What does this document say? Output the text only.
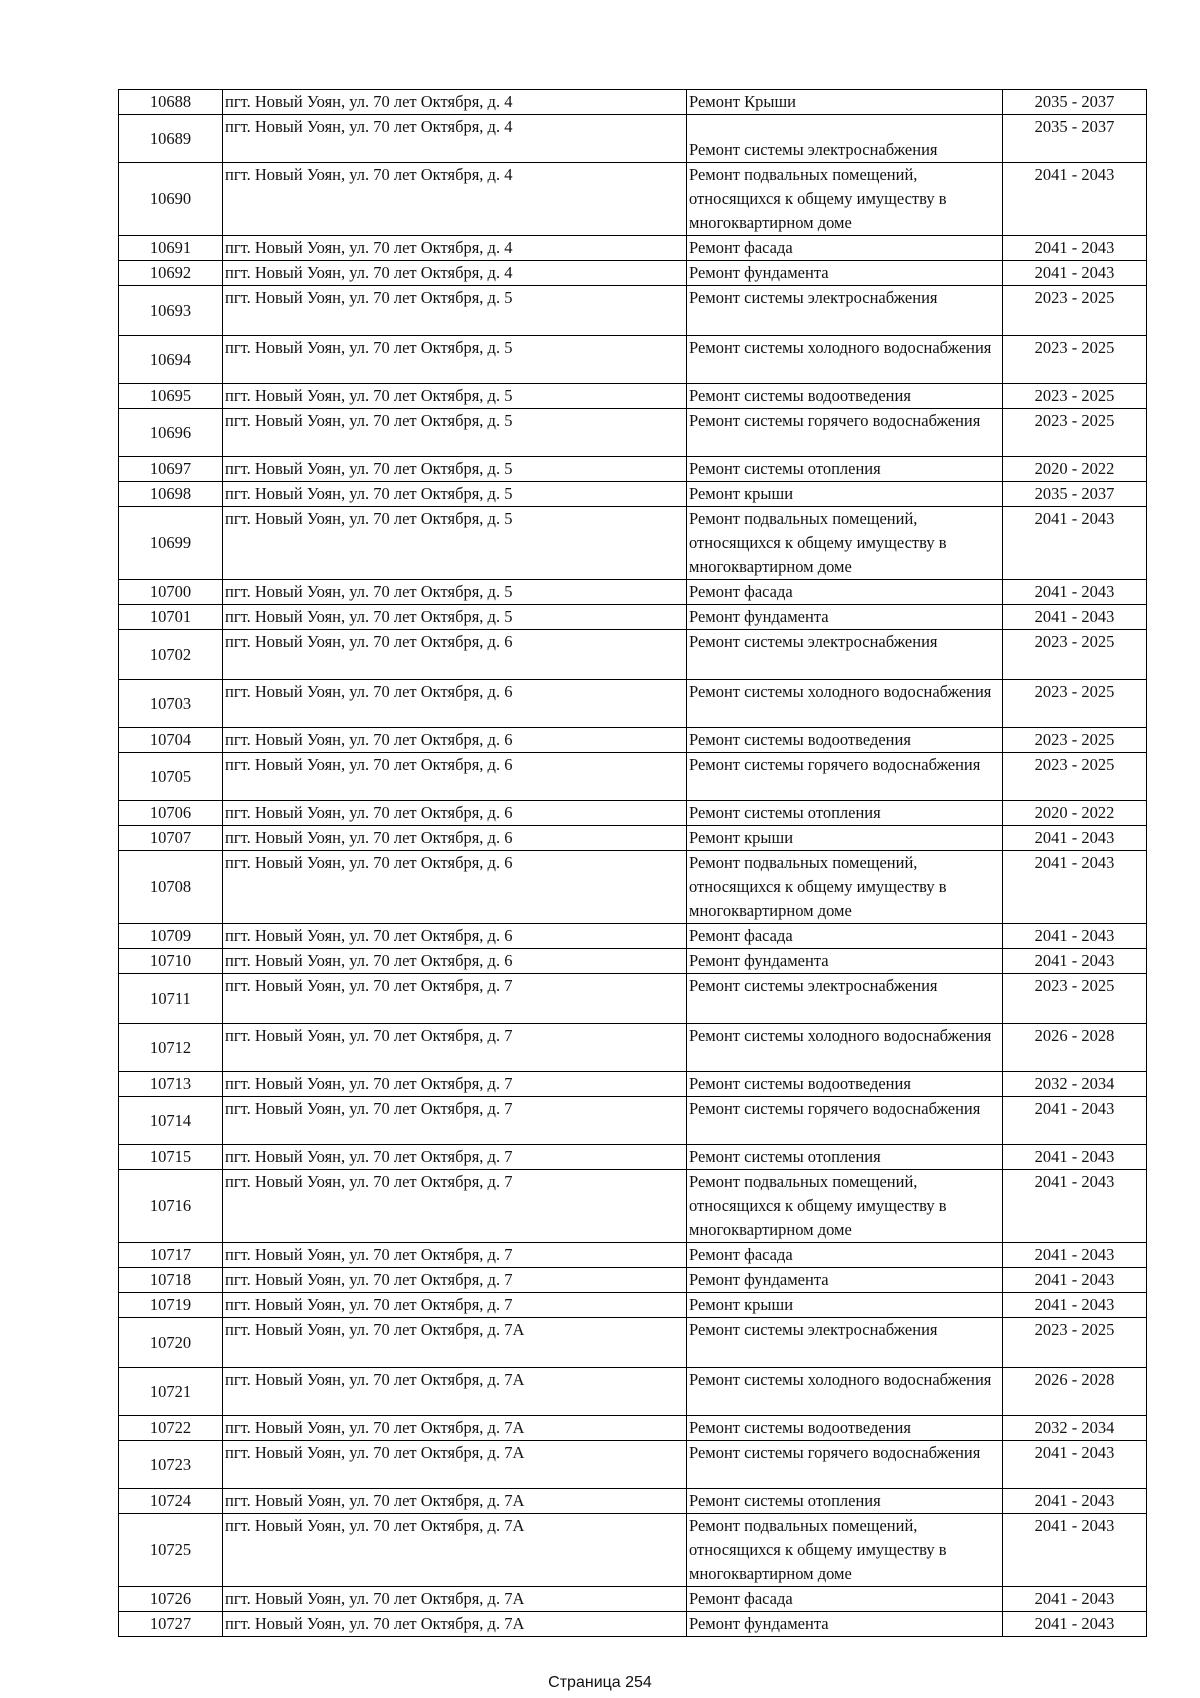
10688	пгт. Новый Уоян, ул. 70 лет Октября, д. 4	Ремонт Крыши	2035 - 2037
10689	пгт. Новый Уоян, ул. 70 лет Октября, д. 4	Ремонт системы электроснабжения	2035 - 2037
10690	пгт. Новый Уоян, ул. 70 лет Октября, д. 4	Ремонт подвальных помещений, относящихся к общему имуществу в многоквартирном доме	2041 - 2043
10691	пгт. Новый Уоян, ул. 70 лет Октября, д. 4	Ремонт фасада	2041 - 2043
10692	пгт. Новый Уоян, ул. 70 лет Октября, д. 4	Ремонт фундамента	2041 - 2043
10693	пгт. Новый Уоян, ул. 70 лет Октября, д. 5	Ремонт системы электроснабжения	2023 - 2025
10694	пгт. Новый Уоян, ул. 70 лет Октября, д. 5	Ремонт системы холодного водоснабжения	2023 - 2025
10695	пгт. Новый Уоян, ул. 70 лет Октября, д. 5	Ремонт системы водоотведения	2023 - 2025
10696	пгт. Новый Уоян, ул. 70 лет Октября, д. 5	Ремонт системы горячего водоснабжения	2023 - 2025
10697	пгт. Новый Уоян, ул. 70 лет Октября, д. 5	Ремонт системы отопления	2020 - 2022
10698	пгт. Новый Уоян, ул. 70 лет Октября, д. 5	Ремонт крыши	2035 - 2037
10699	пгт. Новый Уоян, ул. 70 лет Октября, д. 5	Ремонт подвальных помещений, относящихся к общему имуществу в многоквартирном доме	2041 - 2043
10700	пгт. Новый Уоян, ул. 70 лет Октября, д. 5	Ремонт фасада	2041 - 2043
10701	пгт. Новый Уоян, ул. 70 лет Октября, д. 5	Ремонт фундамента	2041 - 2043
10702	пгт. Новый Уоян, ул. 70 лет Октября, д. 6	Ремонт системы электроснабжения	2023 - 2025
10703	пгт. Новый Уоян, ул. 70 лет Октября, д. 6	Ремонт системы холодного водоснабжения	2023 - 2025
10704	пгт. Новый Уоян, ул. 70 лет Октября, д. 6	Ремонт системы водоотведения	2023 - 2025
10705	пгт. Новый Уоян, ул. 70 лет Октября, д. 6	Ремонт системы горячего водоснабжения	2023 - 2025
10706	пгт. Новый Уоян, ул. 70 лет Октября, д. 6	Ремонт системы отопления	2020 - 2022
10707	пгт. Новый Уоян, ул. 70 лет Октября, д. 6	Ремонт крыши	2041 - 2043
10708	пгт. Новый Уоян, ул. 70 лет Октября, д. 6	Ремонт подвальных помещений, относящихся к общему имуществу в многоквартирном доме	2041 - 2043
10709	пгт. Новый Уоян, ул. 70 лет Октября, д. 6	Ремонт фасада	2041 - 2043
10710	пгт. Новый Уоян, ул. 70 лет Октября, д. 6	Ремонт фундамента	2041 - 2043
10711	пгт. Новый Уоян, ул. 70 лет Октября, д. 7	Ремонт системы электроснабжения	2023 - 2025
10712	пгт. Новый Уоян, ул. 70 лет Октября, д. 7	Ремонт системы холодного водоснабжения	2026 - 2028
10713	пгт. Новый Уоян, ул. 70 лет Октября, д. 7	Ремонт системы водоотведения	2032 - 2034
10714	пгт. Новый Уоян, ул. 70 лет Октября, д. 7	Ремонт системы горячего водоснабжения	2041 - 2043
10715	пгт. Новый Уоян, ул. 70 лет Октября, д. 7	Ремонт системы отопления	2041 - 2043
10716	пгт. Новый Уоян, ул. 70 лет Октября, д. 7	Ремонт подвальных помещений, относящихся к общему имуществу в многоквартирном доме	2041 - 2043
10717	пгт. Новый Уоян, ул. 70 лет Октября, д. 7	Ремонт фасада	2041 - 2043
10718	пгт. Новый Уоян, ул. 70 лет Октября, д. 7	Ремонт фундамента	2041 - 2043
10719	пгт. Новый Уоян, ул. 70 лет Октября, д. 7	Ремонт крыши	2041 - 2043
10720	пгт. Новый Уоян, ул. 70 лет Октября, д. 7А	Ремонт системы электроснабжения	2023 - 2025
10721	пгт. Новый Уоян, ул. 70 лет Октября, д. 7А	Ремонт системы холодного водоснабжения	2026 - 2028
10722	пгт. Новый Уоян, ул. 70 лет Октября, д. 7А	Ремонт системы водоотведения	2032 - 2034
10723	пгт. Новый Уоян, ул. 70 лет Октября, д. 7А	Ремонт системы горячего водоснабжения	2041 - 2043
10724	пгт. Новый Уоян, ул. 70 лет Октября, д. 7А	Ремонт системы отопления	2041 - 2043
10725	пгт. Новый Уоян, ул. 70 лет Октября, д. 7А	Ремонт подвальных помещений, относящихся к общему имуществу в многоквартирном доме	2041 - 2043
10726	пгт. Новый Уоян, ул. 70 лет Октября, д. 7А	Ремонт фасада	2041 - 2043
10727	пгт. Новый Уоян, ул. 70 лет Октября, д. 7А	Ремонт фундамента	2041 - 2043
Страница 254
